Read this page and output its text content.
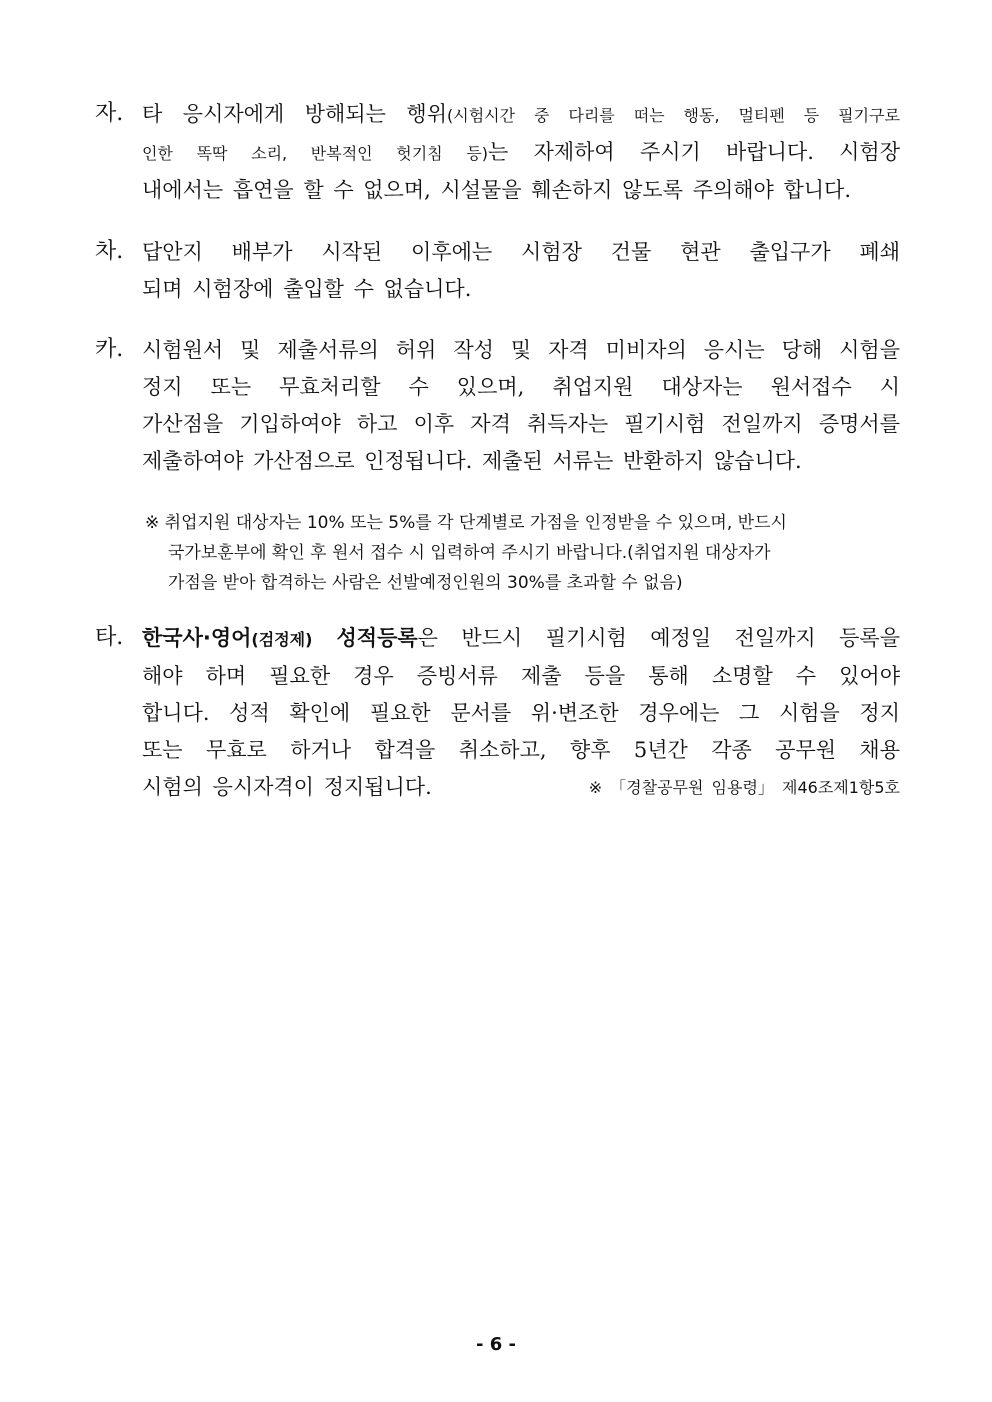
자. 타 응시자에게 방해되는 행위(시험시간 중 다리를 떠는 행동, 멀티펜 등 필기구로
인한 똑딱 소리, 반복적인 헛기침 등)는 자제하여 주시기 바랍니다. 시험장
내에서는 흡연을 할 수 없으며, 시설물을 훼손하지 않도록 주의해야 합니다.
차. 답안지 배부가 시작된 이후에는 시험장 건물 현관 출입구가 폐쇄
되며 시험장에 출입할 수 없습니다.
카. 시험원서 및 제출서류의 허위 작성 및 자격 미비자의 응시는 당해 시험을
정지 또는 무효처리할 수 있으며, 취업지원 대상자는 원서접수 시
가산점을 기입하여야 하고 이후 자격 취득자는 필기시험 전일까지 증명서를
제출하여야 가산점으로 인정됩니다. 제출된 서류는 반환하지 않습니다.
※ 취업지원 대상자는 10% 또는 5%를 각 단계별로 가점을 인정받을 수 있으며, 반드시
국가보훈부에 확인 후 원서 접수 시 입력하여 주시기 바랍니다.(취업지원 대상자가
가점을 받아 합격하는 사람은 선발예정인원의 30%를 초과할 수 없음)
타. 한국사·영어(검정제) 성적등록은 반드시 필기시험 예정일 전일까지 등록을
해야 하며 필요한 경우 증빙서류 제출 등을 통해 소명할 수 있어야
합니다. 성적 확인에 필요한 문서를 위·변조한 경우에는 그 시험을 정지
또는 무효로 하거나 합격을 취소하고, 향후 5년간 각종 공무원 채용
시험의 응시자격이 정지됩니다.	※ 「경찰공무원 임용령」 제46조제1항5호
- 6 -
